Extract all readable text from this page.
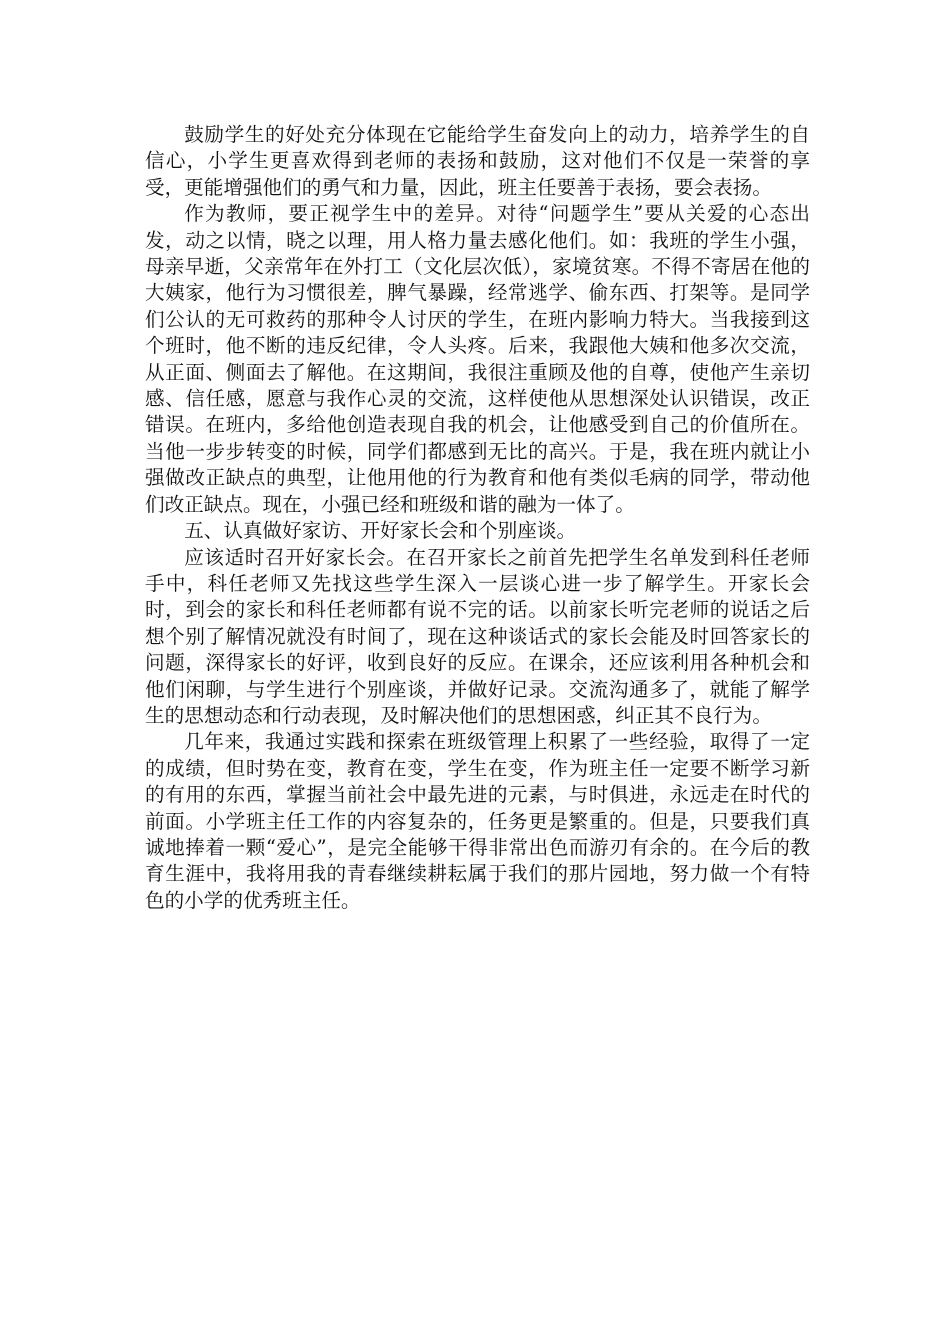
鼓励学生的好处充分体现在它能给学生奋发向上的动力，培养学生的自信心，小学生更喜欢得到老师的表扬和鼓励，这对他们不仅是一荣誉的享受，更能增强他们的勇气和力量，因此，班主任要善于表扬，要会表扬。

作为教师，要正视学生中的差异。对待“问题学生”要从关爱的心态出发，动之以情，晓之以理，用人格力量去感化他们。如：我班的学生小强，母亲早逝，父亲常年在外打工（文化层次低），家境贫寒。不得不寄居在他的大姨家，他行为习惯很差，脾气暴躁，经常逃学、偷东西、打架等。是同学们公认的无可救药的那种令人讨厌的学生，在班内影响力特大。当我接到这个班时，他不断的违反纪律，令人头疼。后来，我跟他大姨和他多次交流，从正面、侧面去了解他。在这期间，我很注重顾及他的自尊，使他产生亲切感、信任感，愿意与我作心灵的交流，这样使他从思想深处认识错误，改正错误。在班内，多给他创造表现自我的机会，让他感受到自己的价值所在。当他一步步转变的时候，同学们都感到无比的高兴。于是，我在班内就让小强做改正缺点的典型，让他用他的行为教育和他有类似毛病的同学，带动他们改正缺点。现在，小强已经和班级和谐的融为一体了。

五、认真做好家访、开好家长会和个别座谈。

应该适时召开好家长会。在召开家长之前首先把学生名单发到科任老师手中，科任老师又先找这些学生深入一层谈心进一步了解学生。开家长会时，到会的家长和科任老师都有说不完的话。以前家长听完老师的说话之后想个别了解情况就没有时间了，现在这种谈话式的家长会能及时回答家长的问题，深得家长的好评，收到良好的反应。在课余，还应该利用各种机会和他们闲聊，与学生进行个别座谈，并做好记录。交流沟通多了，就能了解学生的思想动态和行动表现，及时解决他们的思想困惑，纠正其不良行为。

几年来，我通过实践和探索在班级管理上积累了一些经验，取得了一定的成绩，但时势在变，教育在变，学生在变，作为班主任一定要不断学习新的有用的东西，掌握当前社会中最先进的元素，与时俱进，永远走在时代的前面。小学班主任工作的内容复杂的，任务更是繁重的。但是，只要我们真诚地捧着一颗“爱心”，是完全能够干得非常出色而游刃有余的。在今后的教育生涯中，我将用我的青春继续耕耘属于我们的那片园地，努力做一个有特色的小学的优秀班主任。
